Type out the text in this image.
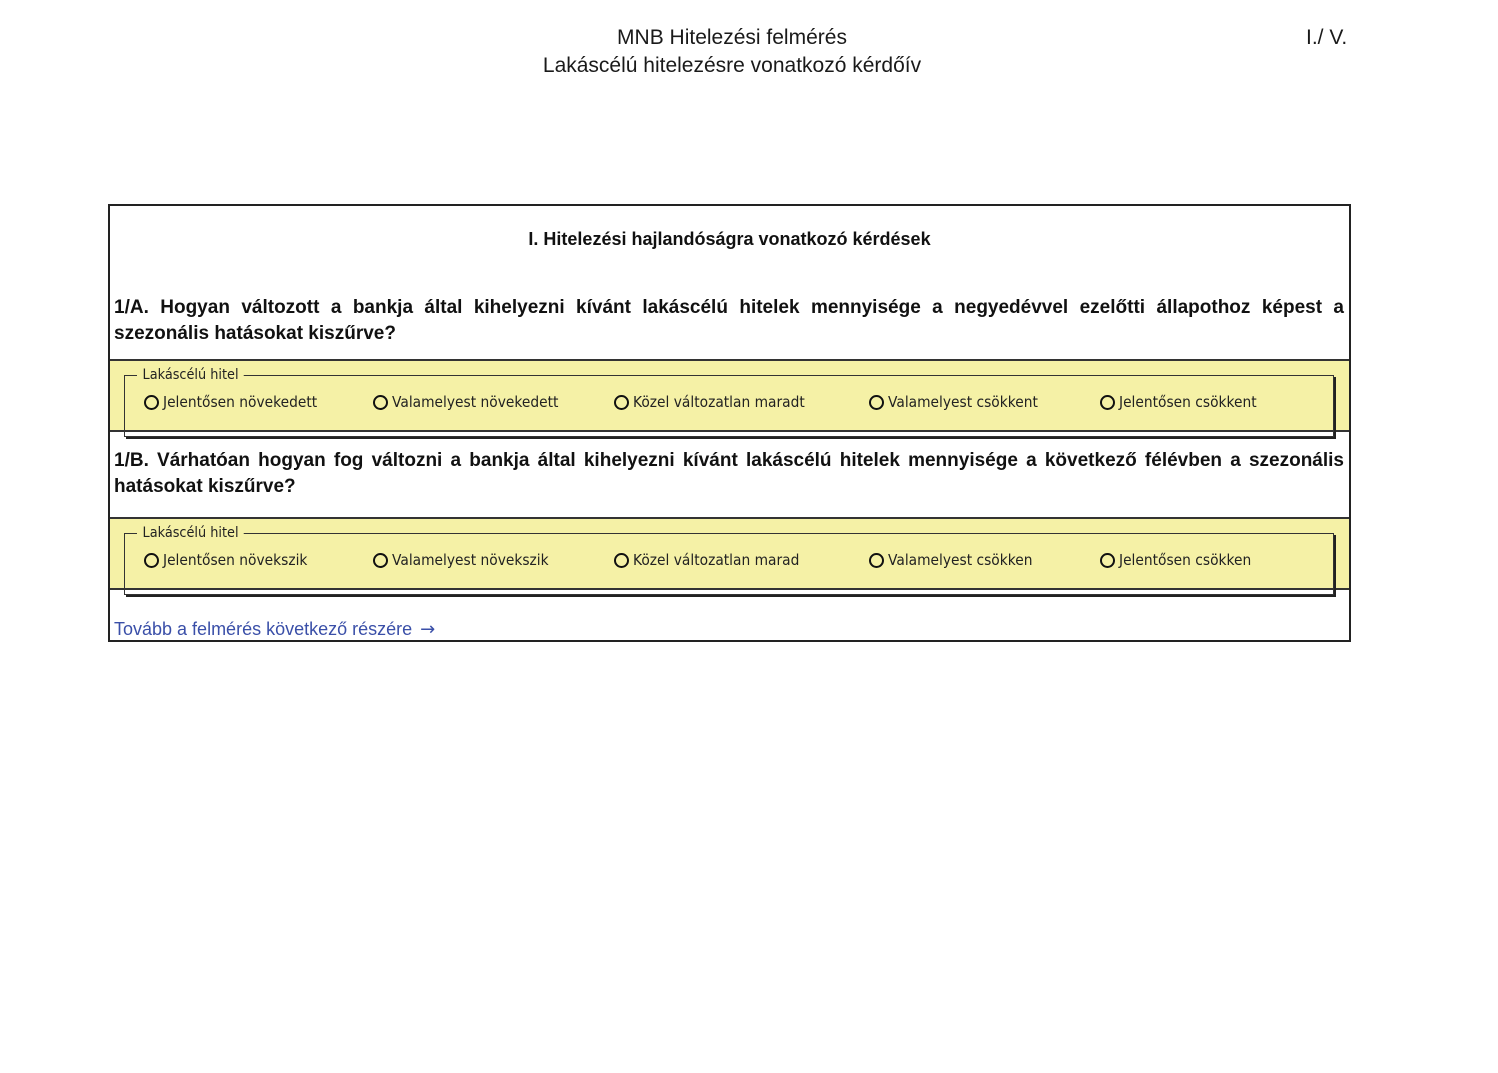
MNB Hitelezési felmérés
Lakáscélú hitelezésre vonatkozó kérdőív
I./ V.
I. Hitelezési hajlandóságra vonatkozó kérdések
1/A. Hogyan változott a bankja által kihelyezni kívánt lakáscélú hitelek mennyisége a negyedévvel ezelőtti állapothoz képest a szezonális hatásokat kiszűrve?
Lakáscélú hitel
Jelentősen növekedett	Valamelyest növekedett	Közel változatlan maradt	Valamelyest csökkent	Jelentősen csökkent
1/B. Várhatóan hogyan fog változni a bankja által kihelyezni kívánt lakáscélú hitelek mennyisége a következő félévben a szezonális hatásokat kiszűrve?
Lakáscélú hitel
Jelentősen növekszik	Valamelyest növekszik	Közel változatlan marad	Valamelyest csökken	Jelentősen csökken
Tovább a felmérés következő részére →
